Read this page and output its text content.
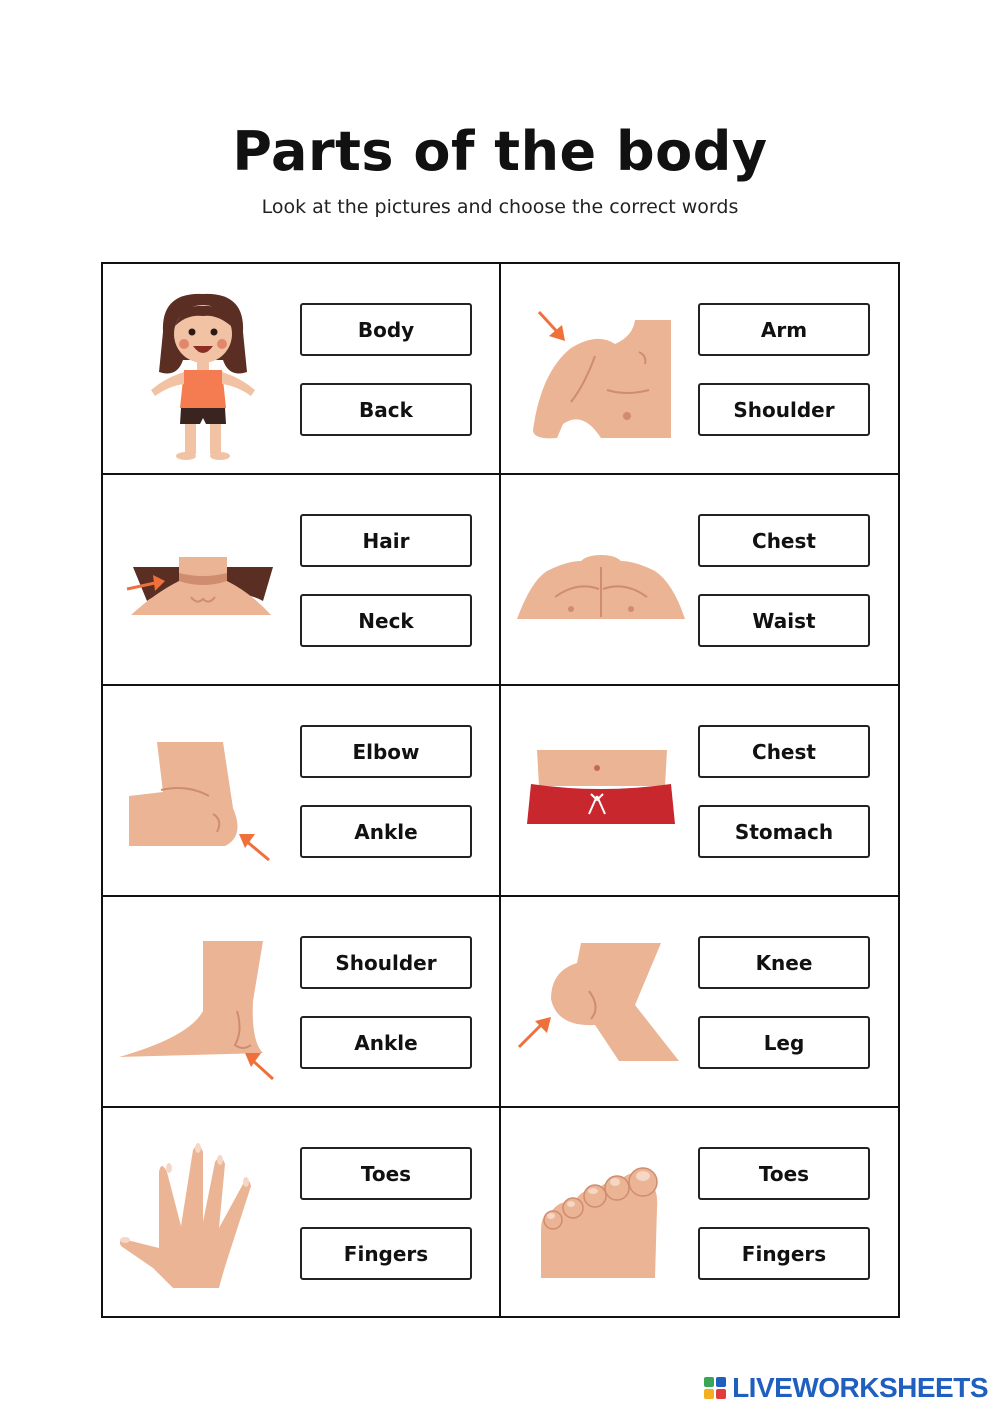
Parts of the body
Look at the pictures and choose the correct words
Body
Back
Arm
Shoulder
Hair
Neck
Chest
Waist
Elbow
Ankle
Chest
Stomach
Shoulder
Ankle
Knee
Leg
Toes
Fingers
Toes
Fingers
LIVEWORKSHEETS
